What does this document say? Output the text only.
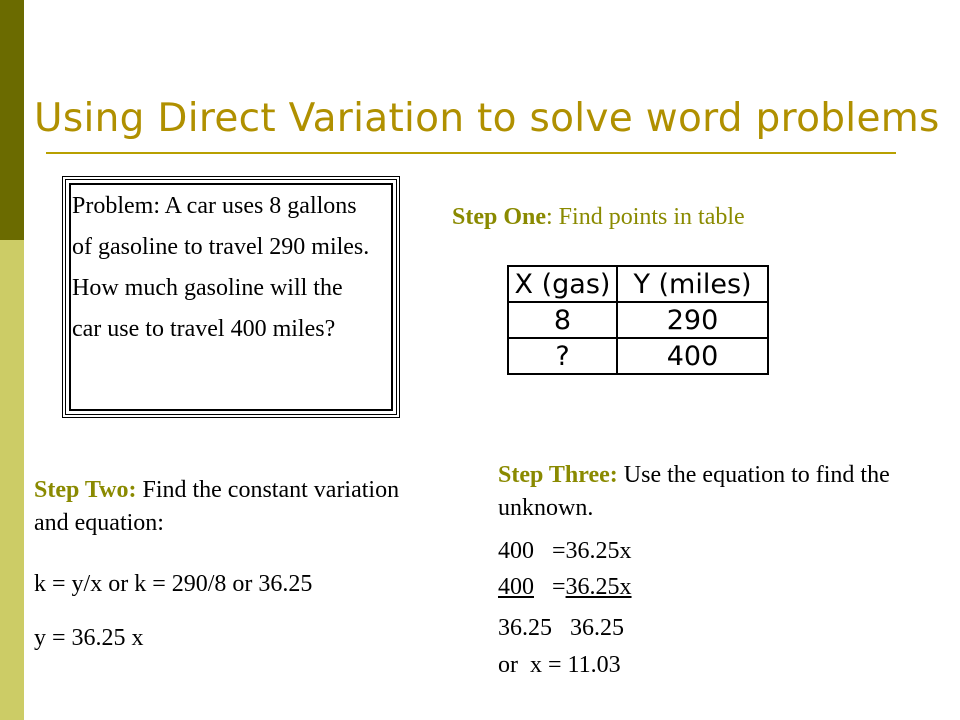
Using Direct Variation to solve word problems
Problem: A car uses 8 gallons of gasoline to travel 290 miles. How much gasoline will the car use to travel 400 miles?
Step One: Find points in table
X (gas)	Y (miles)
8	290
?	400
Step Two: Find the constant variation and equation:
k = y/x or k = 290/8 or 36.25
y = 36.25 x
Step Three: Use the equation to find the unknown.
400   =36.25x
400   =36.25x
36.25   36.25
or  x = 11.03
